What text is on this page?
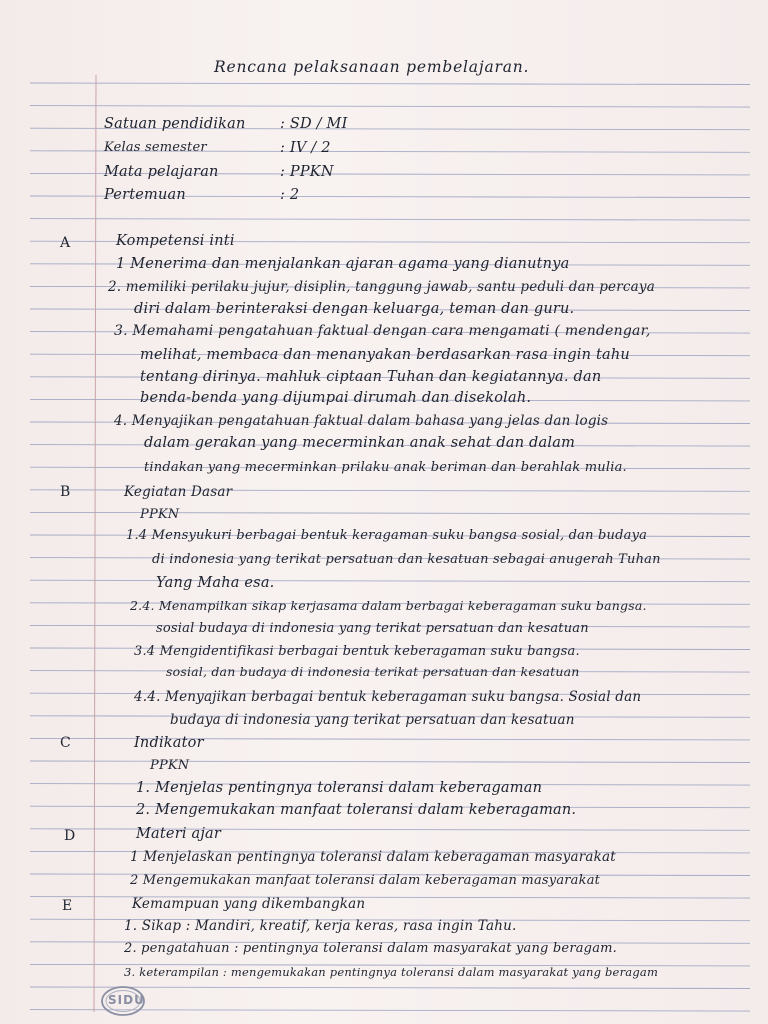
Rencana pelaksanaan pembelajaran.
Satuan pendidikan : SD / MI
Kelas semester	: IV / 2
Mata pelajaran	: PPKN
Pertemuan	: 2
A	Kompetensi inti
1 Menerima dan menjalankan ajaran agama yang dianutnya
2. memiliki perilaku jujur, disiplin, tanggung jawab, santu peduli dan percaya
diri dalam berinteraksi dengan keluarga, teman dan guru.
3. Memahami pengatahuan faktual dengan cara mengamati ( mendengar,
melihat, membaca dan menanyakan berdasarkan rasa ingin tahu
tentang dirinya. mahluk ciptaan Tuhan dan kegiatannya. dan
benda-benda yang dijumpai dirumah dan disekolah.
4. Menyajikan pengatahuan faktual dalam bahasa yang jelas dan logis
dalam gerakan yang mecerminkan anak sehat dan dalam
tindakan yang mecerminkan prilaku anak beriman dan berahlak mulia.
B	Kegiatan Dasar
PPKN
1.4 Mensyukuri berbagai bentuk keragaman suku bangsa sosial, dan budaya
di indonesia yang terikat persatuan dan kesatuan sebagai anugerah Tuhan
Yang Maha esa.
2.4. Menampilkan sikap kerjasama dalam berbagai keberagaman suku bangsa.
sosial budaya di indonesia yang terikat persatuan dan kesatuan
3.4 Mengidentifikasi berbagai bentuk keberagaman suku bangsa.
sosial, dan budaya di indonesia terikat persatuan dan kesatuan
4.4. Menyajikan berbagai bentuk keberagaman suku bangsa. Sosial dan
budaya di indonesia yang terikat persatuan dan kesatuan
C	Indikator
PPKN
1. Menjelas pentingnya toleransi dalam keberagaman
2. Mengemukakan manfaat toleransi dalam keberagaman.
D	Materi ajar
1 Menjelaskan pentingnya toleransi dalam keberagaman masyarakat
2 Mengemukakan manfaat toleransi dalam keberagaman masyarakat
E	Kemampuan yang dikembangkan
1. Sikap : Mandiri, kreatif, kerja keras, rasa ingin Tahu.
2. pengatahuan : pentingnya toleransi dalam masyarakat yang beragam.
3. keterampilan : mengemukakan pentingnya toleransi dalam masyarakat yang beragam
SIDU
